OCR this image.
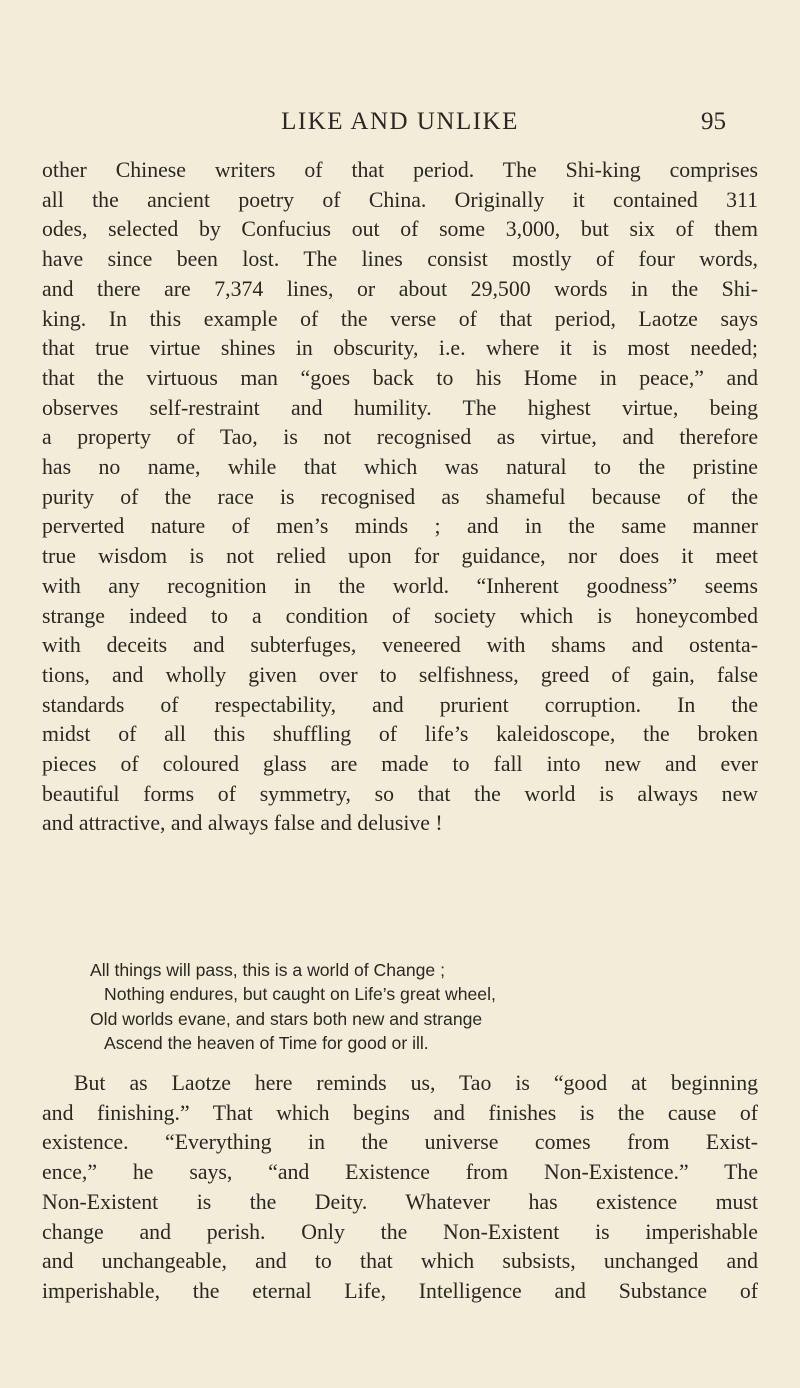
LIKE AND UNLIKE	95
other Chinese writers of that period. The Shi-king comprises
all the ancient poetry of China. Originally it contained 311
odes, selected by Confucius out of some 3,000, but six of them
have since been lost. The lines consist mostly of four words,
and there are 7,374 lines, or about 29,500 words in the Shi-
king. In this example of the verse of that period, Laotze says
that true virtue shines in obscurity, i.e. where it is most needed;
that the virtuous man “goes back to his Home in peace,” and
observes self-restraint and humility. The highest virtue, being
a property of Tao, is not recognised as virtue, and therefore
has no name, while that which was natural to the pristine
purity of the race is recognised as shameful because of the
perverted nature of men’s minds ; and in the same manner
true wisdom is not relied upon for guidance, nor does it meet
with any recognition in the world. “Inherent goodness” seems
strange indeed to a condition of society which is honeycombed
with deceits and subterfuges, veneered with shams and ostenta-
tions, and wholly given over to selfishness, greed of gain, false
standards of respectability, and prurient corruption. In the
midst of all this shuffling of life’s kaleidoscope, the broken
pieces of coloured glass are made to fall into new and ever
beautiful forms of symmetry, so that the world is always new
and attractive, and always false and delusive !
All things will pass, this is a world of Change ;
Nothing endures, but caught on Life’s great wheel,
Old worlds evane, and stars both new and strange
Ascend the heaven of Time for good or ill.
But as Laotze here reminds us, Tao is “good at beginning
and finishing.” That which begins and finishes is the cause of
existence. “Everything in the universe comes from Exist-
ence,” he says, “and Existence from Non-Existence.” The
Non-Existent is the Deity. Whatever has existence must
change and perish. Only the Non-Existent is imperishable
and unchangeable, and to that which subsists, unchanged and
imperishable, the eternal Life, Intelligence and Substance of
